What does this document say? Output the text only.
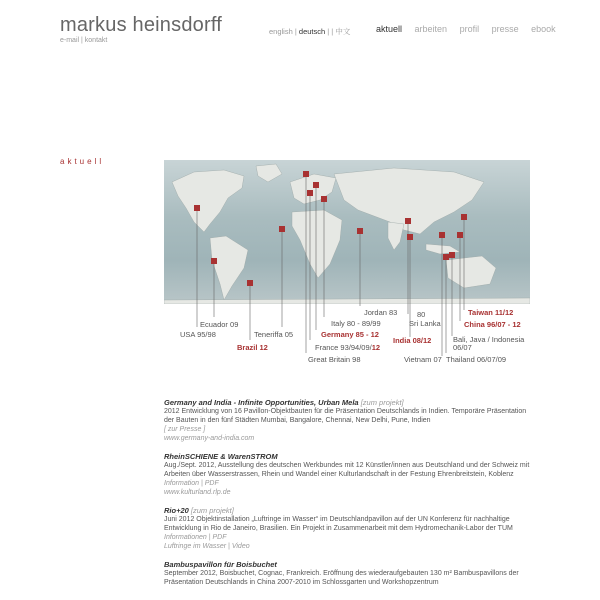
markus heinsdorff
e-mail | kontakt
english | deutsch | | 中文	aktuell arbeiten profil presse ebook
aktuell
USA 95/98
Ecuador 09
Brazil 12
Teneriffa 05
Great Britain 98
France 93/94/09/12
Germany 85 - 12
Italy 80 - 89/99
Jordan 83
India 08/12
80
Sri Lanka
Vietnam 07 Thailand 06/07/09
Bali, Java / Indonesia
06/07
China 96/07 - 12
Taiwan 11/12
Germany and India - Infinite Opportunities, Urban Mela [zum projekt]
2012 Entwicklung von 16 Pavillon-Objektbauten für die Präsentation Deutschlands in Indien. Temporäre Präsentation der Bauten in den fünf Städten Mumbai, Bangalore, Chennai, New Delhi, Pune, Indien
[ zur Presse ]
www.germany-and-india.com
RheinSCHIENE & WarenSTROM
Aug./Sept. 2012, Ausstellung des deutschen Werkbundes mit 12 Künstler/innen aus Deutschland und der Schweiz mit Arbeiten über Wasserstrassen, Rhein und Wandel einer Kulturlandschaft in der Festung Ehrenbreitstein, Koblenz
Information | PDF
www.kulturland.rlp.de
Rio+20 [zum projekt]
Juni 2012 Objektinstallation „Luftringe im Wasser“ im Deutschlandpavillon auf der UN Konferenz für nachhaltige Entwicklung in Rio de Janeiro, Brasilien. Ein Projekt in Zusammenarbeit mit dem Hydromechanik-Labor der TUM
Informationen | PDF
Luftringe im Wasser | Video
Bambuspavillon für Boisbuchet
September 2012, Boisbuchet, Cognac, Frankreich. Eröffnung des wiederaufgebauten 130 m² Bambuspavillons der Präsentation Deutschlands in China 2007-2010 im Schlossgarten und Workshopzentrum
